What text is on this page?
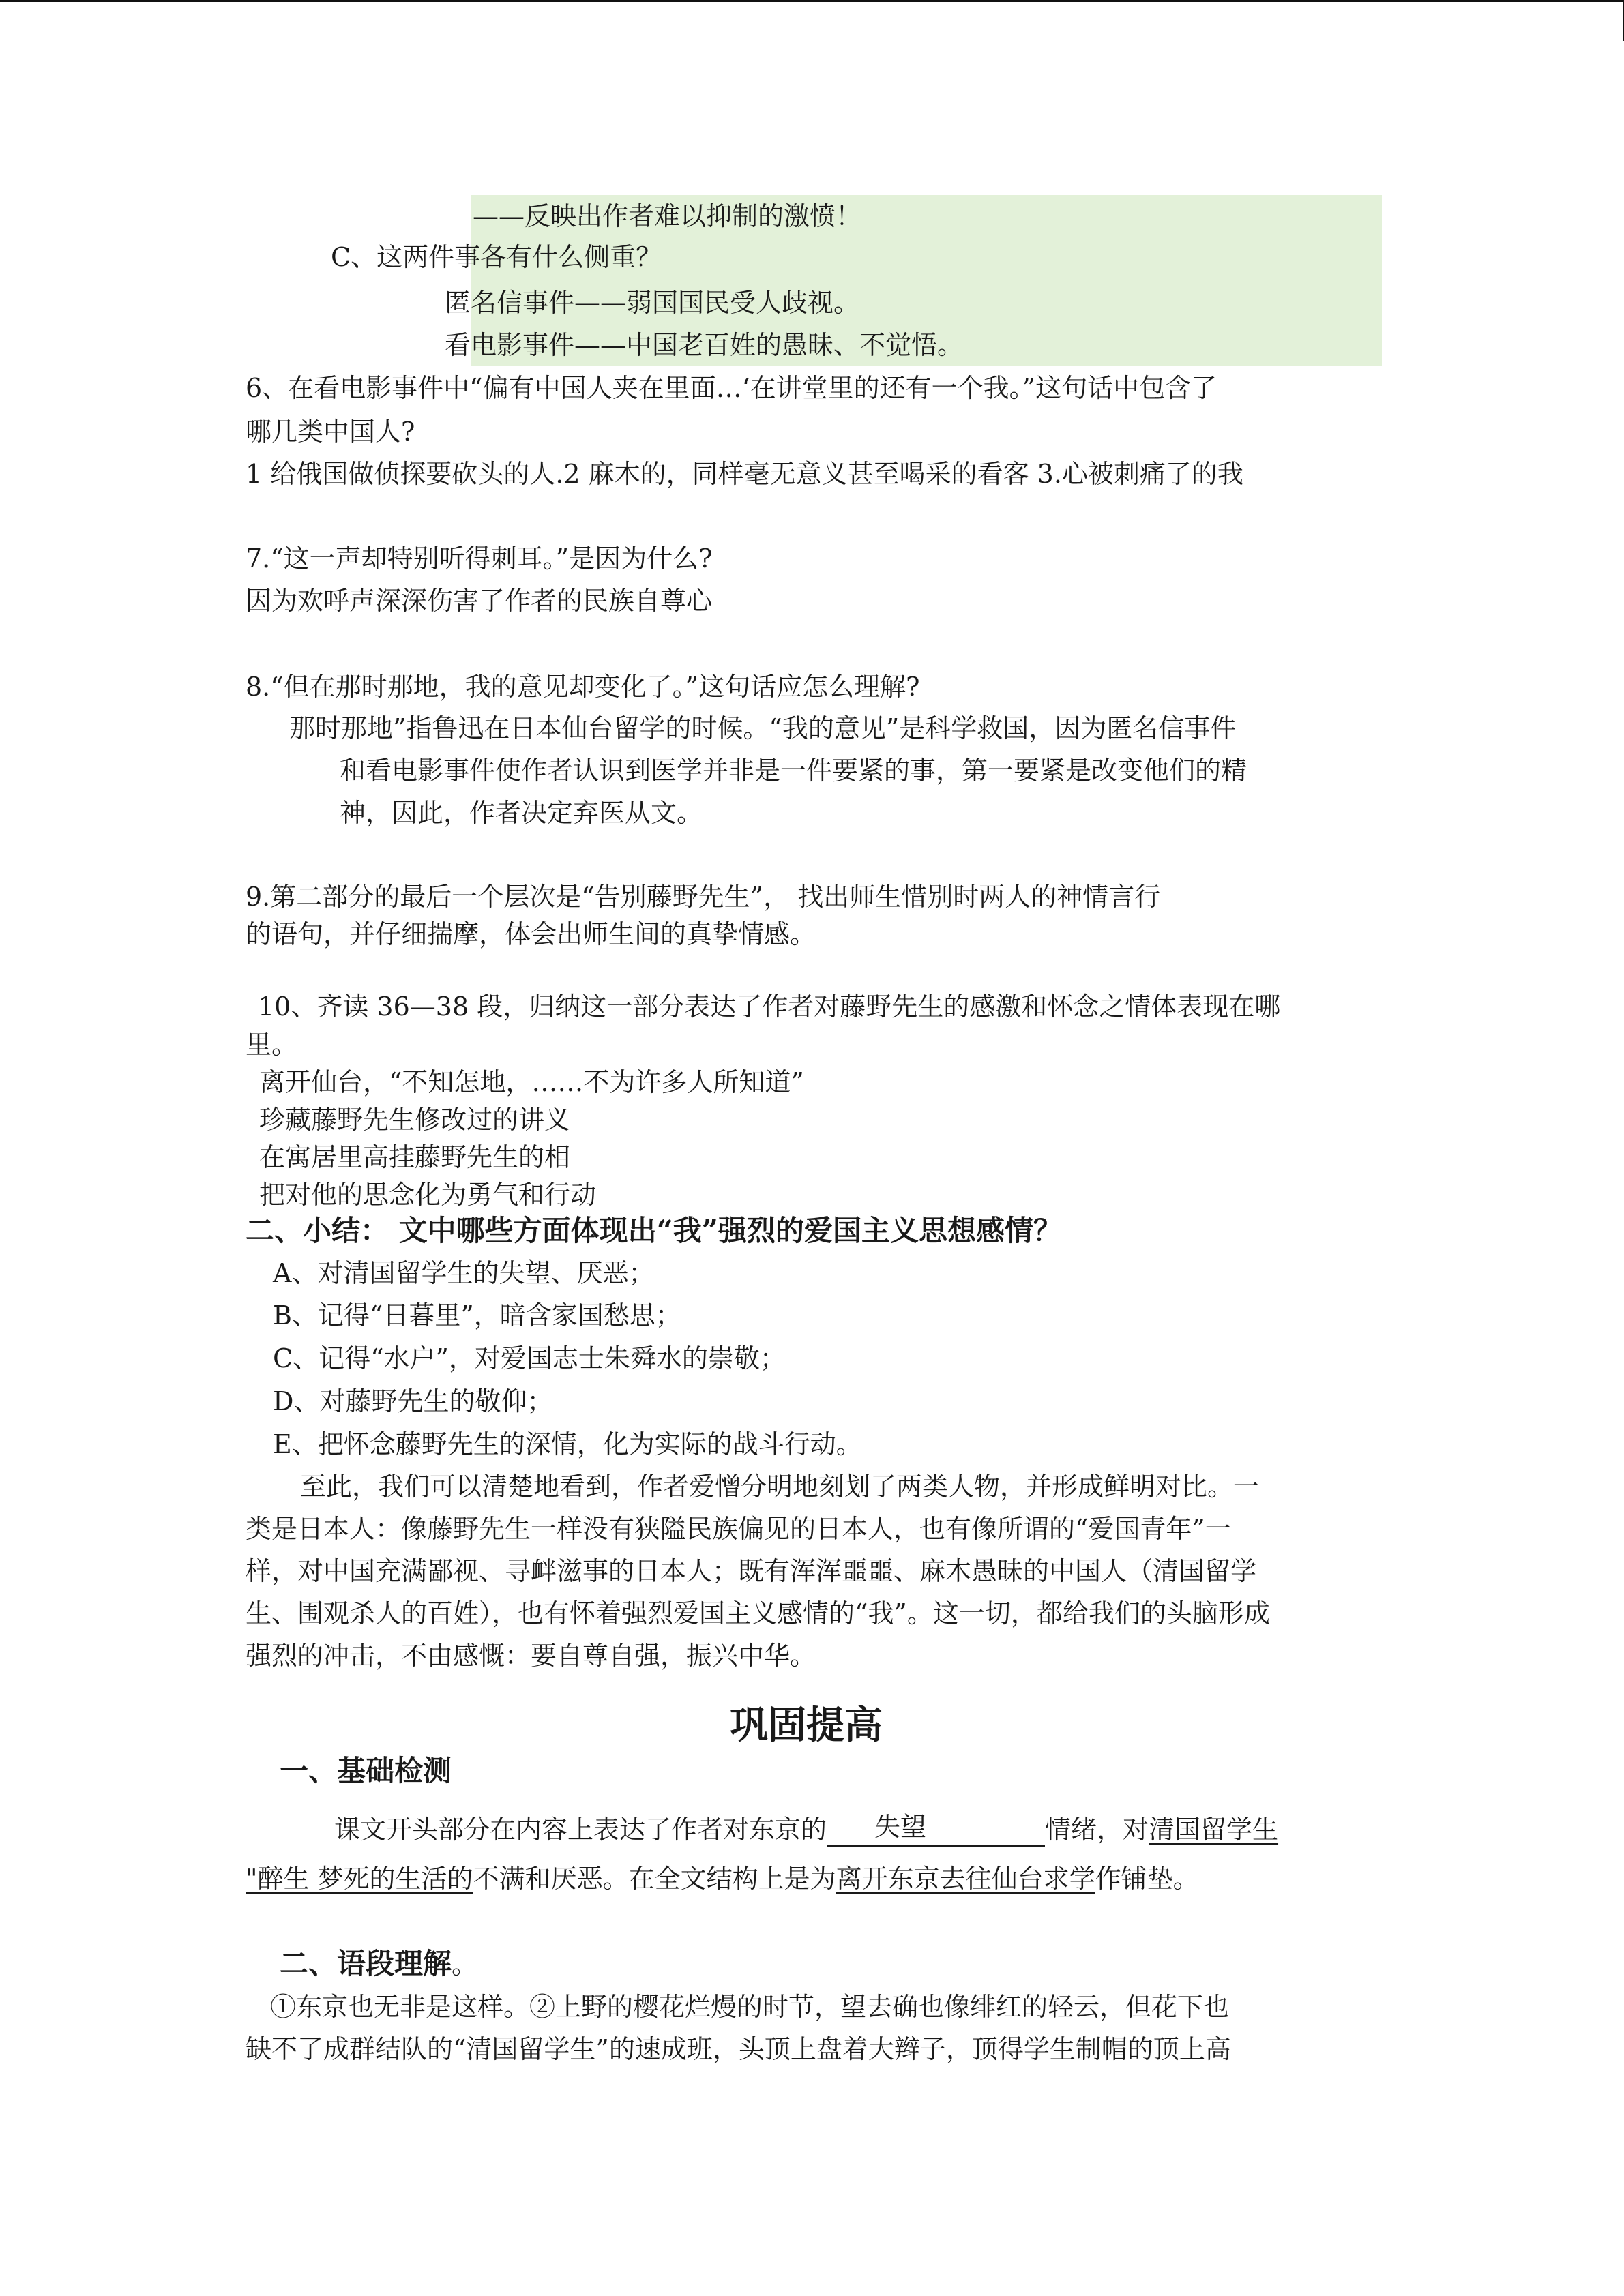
——反映出作者难以抑制的激愤！
C、这两件事各有什么侧重？
匿名信事件——弱国国民受人歧视。
看电影事件——中国老百姓的愚昧、不觉悟。
6、在看电影事件中“偏有中国人夹在里面…‘在讲堂里的还有一个我。”这句话中包含了
哪几类中国人?
1 给俄国做侦探要砍头的人.2 麻木的，同样毫无意义甚至喝采的看客 3.心被刺痛了的我
7.“这一声却特别听得刺耳。”是因为什么?
因为欢呼声深深伤害了作者的民族自尊心
8.“但在那时那地，我的意见却变化了。”这句话应怎么理解?
那时那地”指鲁迅在日本仙台留学的时候。“我的意见”是科学救国，因为匿名信事件
和看电影事件使作者认识到医学并非是一件要紧的事，第一要紧是改变他们的精
神，因此，作者决定弃医从文。
9.第二部分的最后一个层次是“告别藤野先生”， 找出师生惜别时两人的神情言行
的语句，并仔细揣摩，体会出师生间的真挚情感。
10、齐读 36—38 段，归纳这一部分表达了作者对藤野先生的感激和怀念之情体表现在哪
里。
离开仙台，“不知怎地，……不为许多人所知道”
珍藏藤野先生修改过的讲义
在寓居里高挂藤野先生的相
把对他的思念化为勇气和行动
二、小结： 文中哪些方面体现出“我”强烈的爱国主义思想感情？
A、对清国留学生的失望、厌恶；
B、记得“日暮里”，暗含家国愁思；
C、记得“水户”，对爱国志士朱舜水的崇敬；
D、对藤野先生的敬仰；
E、把怀念藤野先生的深情，化为实际的战斗行动。
至此，我们可以清楚地看到，作者爱憎分明地刻划了两类人物，并形成鲜明对比。一
类是日本人：像藤野先生一样没有狭隘民族偏见的日本人，也有像所谓的“爱国青年”一
样，对中国充满鄙视、寻衅滋事的日本人；既有浑浑噩噩、麻木愚昧的中国人（清国留学
生、围观杀人的百姓），也有怀着强烈爱国主义感情的“我”。这一切，都给我们的头脑形成
强烈的冲击，不由感慨：要自尊自强，振兴中华。
巩固提高
一、基础检测
课文开头部分在内容上表达了作者对东京的 失望	情绪，对清国留学生
"醉生 梦死的生活的不满和厌恶。在全文结构上是为离开东京去往仙台求学作铺垫。
二、语段理解。
①东京也无非是这样。②上野的樱花烂熳的时节，望去确也像绯红的轻云，但花下也
缺不了成群结队的“清国留学生”的速成班，头顶上盘着大辫子，顶得学生制帽的顶上高
